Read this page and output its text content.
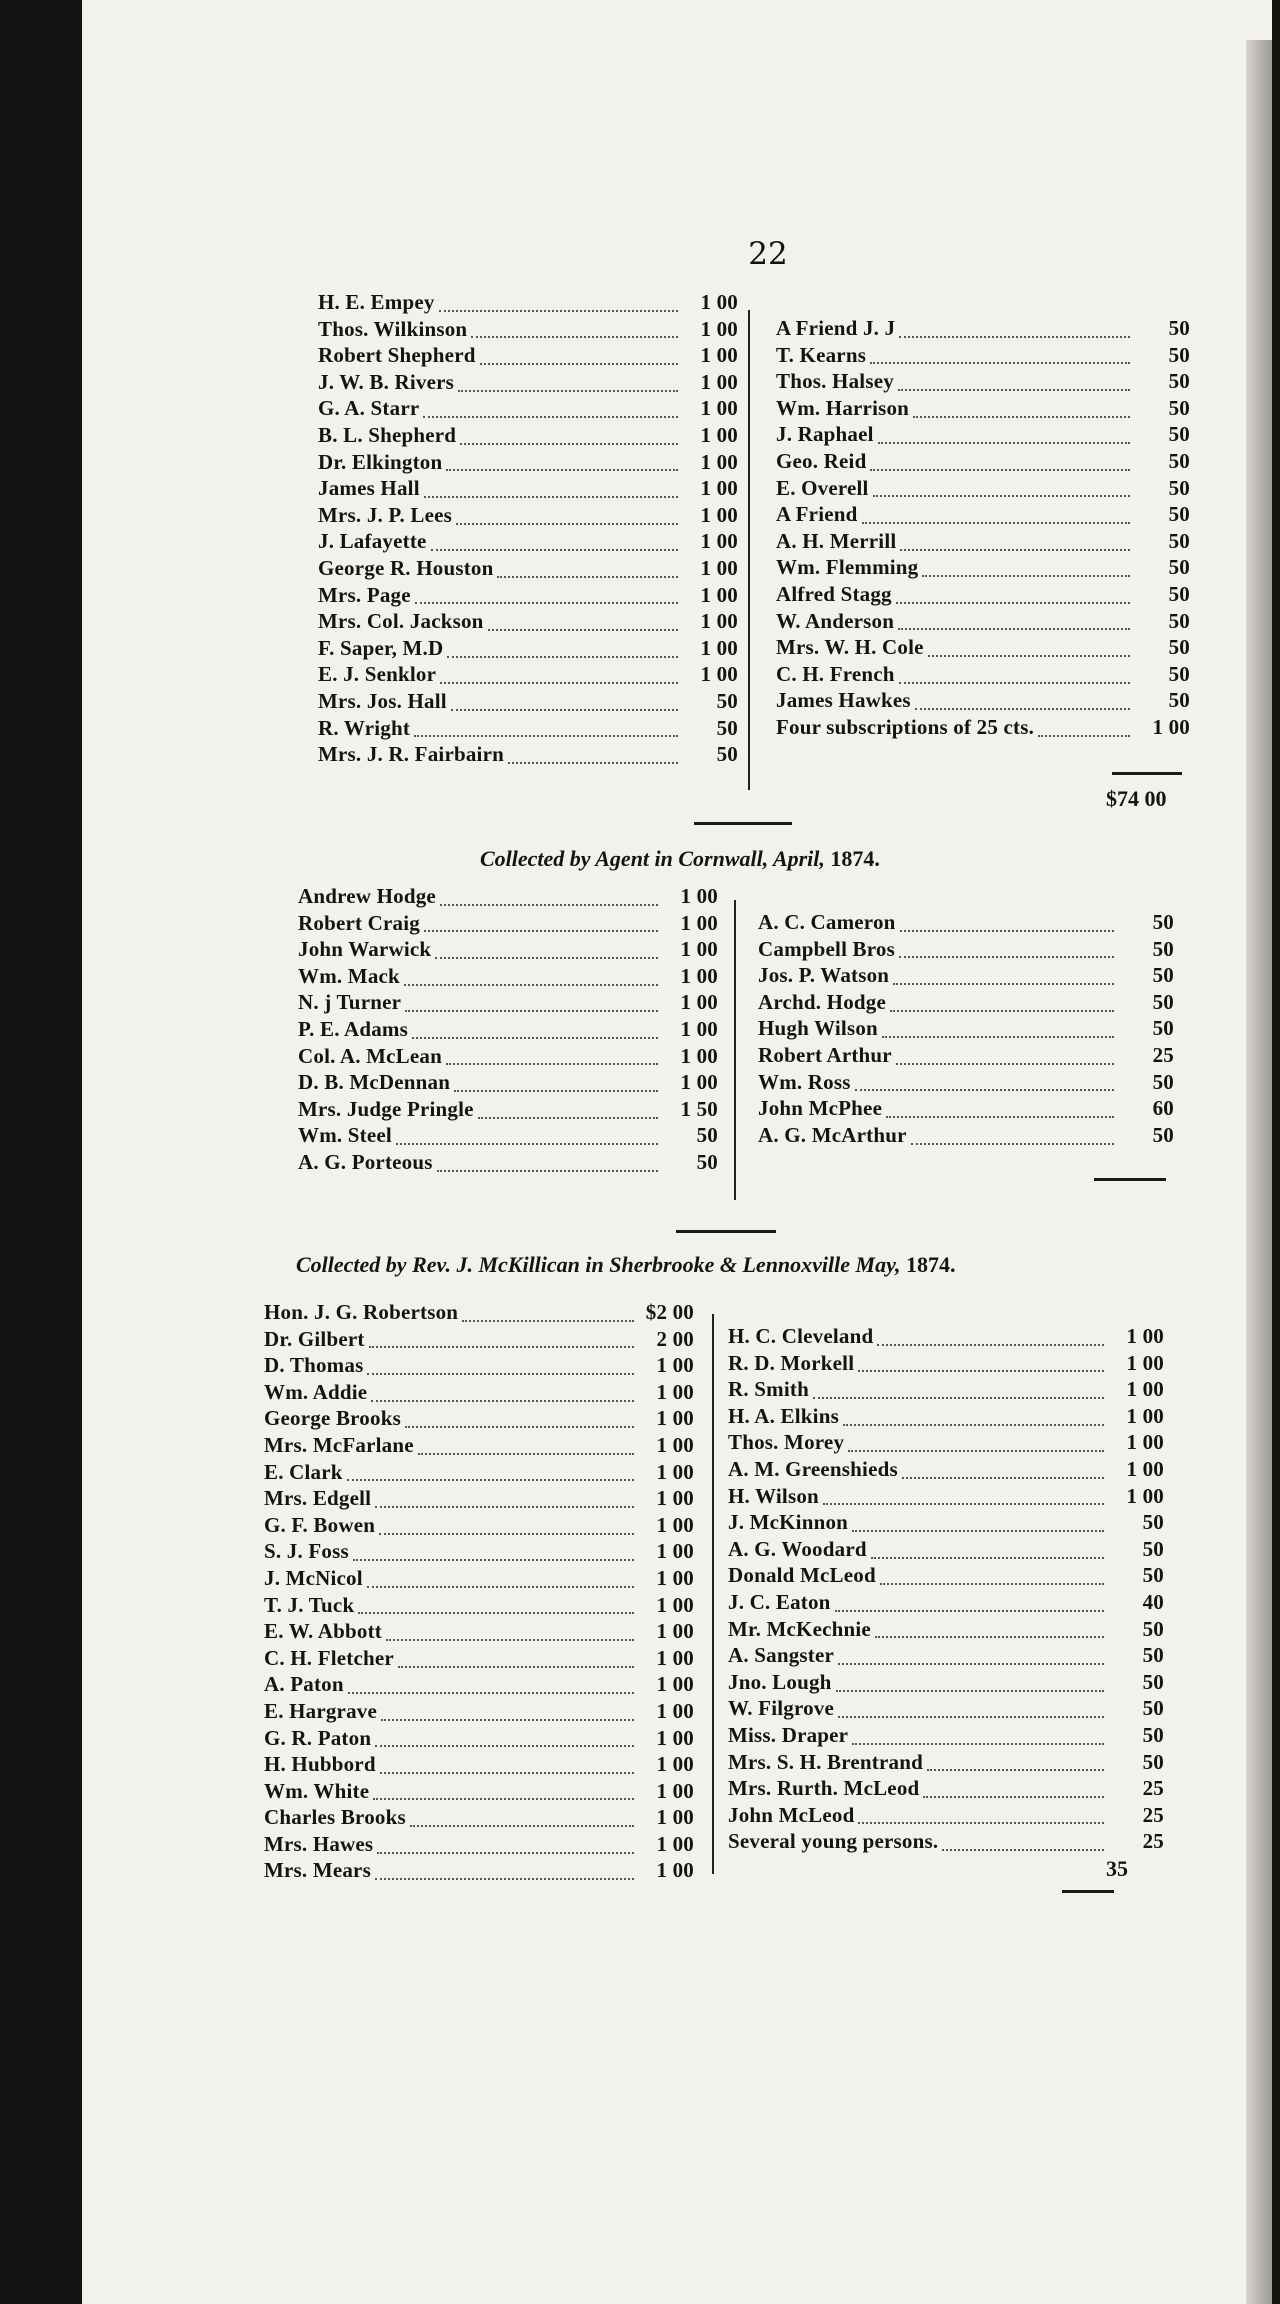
22
H. E. Empey	1 00
Thos. Wilkinson	1 00
Robert Shepherd	1 00
J. W. B. Rivers	1 00
G. A. Starr	1 00
B. L. Shepherd	1 00
Dr. Elkington	1 00
James Hall	1 00
Mrs. J. P. Lees	1 00
J. Lafayette	1 00
George R. Houston	1 00
Mrs. Page	1 00
Mrs. Col. Jackson	1 00
F. Saper, M.D	1 00
E. J. Senklor	1 00
Mrs. Jos. Hall	50
R. Wright	50
Mrs. J. R. Fairbairn	50
A Friend J. J	50
T. Kearns	50
Thos. Halsey	50
Wm. Harrison	50
J. Raphael	50
Geo. Reid	50
E. Overell	50
A Friend	50
A. H. Merrill	50
Wm. Flemming	50
Alfred Stagg	50
W. Anderson	50
Mrs. W. H. Cole	50
C. H. French	50
James Hawkes	50
Four subscriptions of 25 cts.	1 00
$74 00
Collected by Agent in Cornwall, April, 1874.
Andrew Hodge	1 00
Robert Craig	1 00
John Warwick	1 00
Wm. Mack	1 00
N. j Turner	1 00
P. E. Adams	1 00
Col. A. McLean	1 00
D. B. McDennan	1 00
Mrs. Judge Pringle	1 50
Wm. Steel	50
A. G. Porteous	50
A. C. Cameron	50
Campbell Bros	50
Jos. P. Watson	50
Archd. Hodge	50
Hugh Wilson	50
Robert Arthur	25
Wm. Ross	50
John McPhee	60
A. G. McArthur	50
Collected by Rev. J. McKillican in Sherbrooke & Lennoxville May, 1874.
Hon. J. G. Robertson	$2 00
Dr. Gilbert	2 00
D. Thomas	1 00
Wm. Addie	1 00
George Brooks	1 00
Mrs. McFarlane	1 00
E. Clark	1 00
Mrs. Edgell	1 00
G. F. Bowen	1 00
S. J. Foss	1 00
J. McNicol	1 00
T. J. Tuck	1 00
E. W. Abbott	1 00
C. H. Fletcher	1 00
A. Paton	1 00
E. Hargrave	1 00
G. R. Paton	1 00
H. Hubbord	1 00
Wm. White	1 00
Charles Brooks	1 00
Mrs. Hawes	1 00
Mrs. Mears	1 00
H. C. Cleveland	1 00
R. D. Morkell	1 00
R. Smith	1 00
H. A. Elkins	1 00
Thos. Morey	1 00
A. M. Greenshieds	1 00
H. Wilson	1 00
J. McKinnon	50
A. G. Woodard	50
Donald McLeod	50
J. C. Eaton	40
Mr. McKechnie	50
A. Sangster	50
Jno. Lough	50
W. Filgrove	50
Miss. Draper	50
Mrs. S. H. Brentrand	50
Mrs. Rurth. McLeod	25
John McLeod	25
Several young persons.	25
35
